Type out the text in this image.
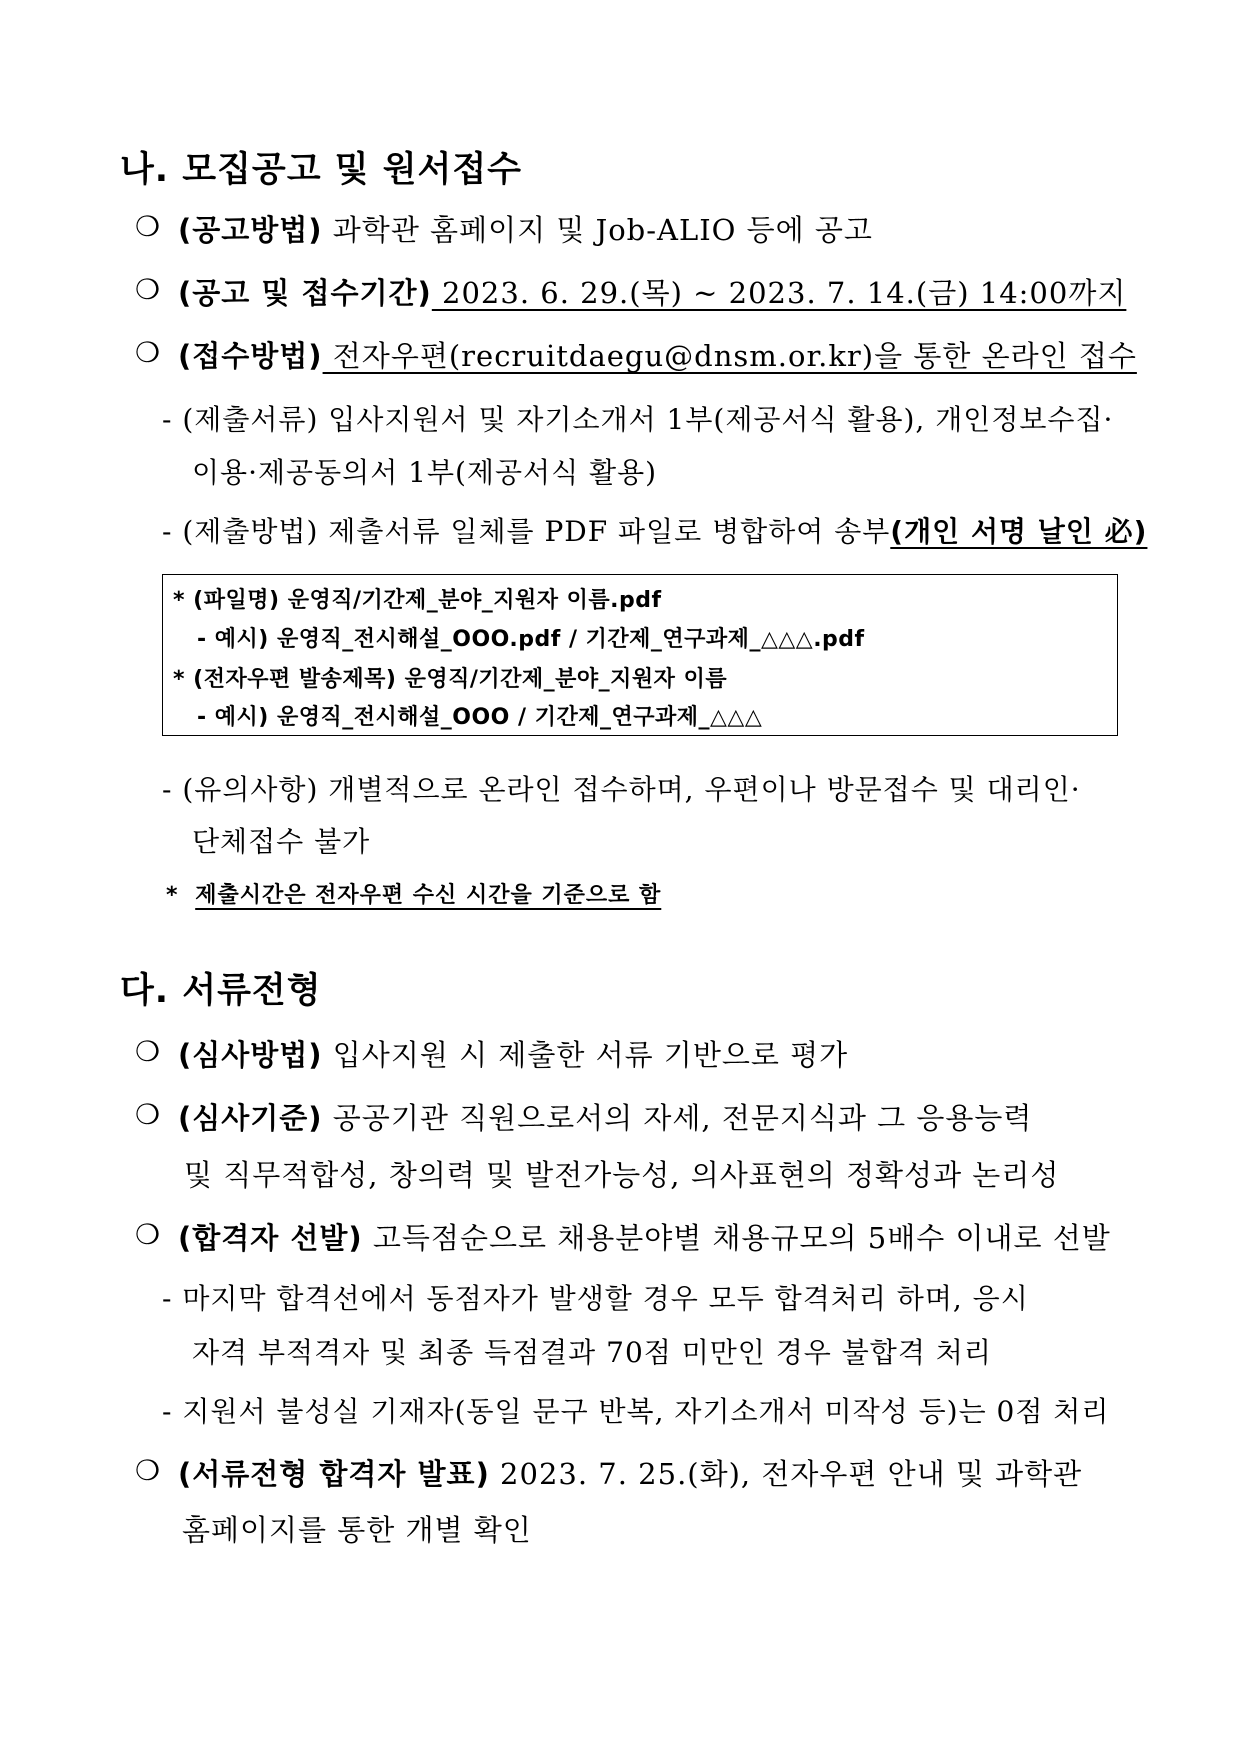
나. 모집공고 및 원서접수
❍ (공고방법) 과학관 홈페이지 및 Job-ALIO 등에 공고
❍ (공고 및 접수기간) 2023. 6. 29.(목) ~ 2023. 7. 14.(금) 14:00까지
❍ (접수방법) 전자우편(recruitdaegu@dnsm.or.kr)을 통한 온라인 접수
- (제출서류) 입사지원서 및 자기소개서 1부(제공서식 활용), 개인정보수집·
이용·제공동의서 1부(제공서식 활용)
- (제출방법) 제출서류 일체를 PDF 파일로 병합하여 송부(개인 서명 날인 必)
* (파일명) 운영직/기간제_분야_지원자 이름.pdf
- 예시) 운영직_전시해설_OOO.pdf / 기간제_연구과제_△△△.pdf
* (전자우편 발송제목) 운영직/기간제_분야_지원자 이름
- 예시) 운영직_전시해설_OOO / 기간제_연구과제_△△△
- (유의사항) 개별적으로 온라인 접수하며, 우편이나 방문접수 및 대리인·
단체접수 불가
* 제출시간은 전자우편 수신 시간을 기준으로 함
다. 서류전형
❍ (심사방법) 입사지원 시 제출한 서류 기반으로 평가
❍ (심사기준) 공공기관 직원으로서의 자세, 전문지식과 그 응용능력
및 직무적합성, 창의력 및 발전가능성, 의사표현의 정확성과 논리성
❍ (합격자 선발) 고득점순으로 채용분야별 채용규모의 5배수 이내로 선발
- 마지막 합격선에서 동점자가 발생할 경우 모두 합격처리 하며, 응시
자격 부적격자 및 최종 득점결과 70점 미만인 경우 불합격 처리
- 지원서 불성실 기재자(동일 문구 반복, 자기소개서 미작성 등)는 0점 처리
❍ (서류전형 합격자 발표) 2023. 7. 25.(화), 전자우편 안내 및 과학관
홈페이지를 통한 개별 확인
